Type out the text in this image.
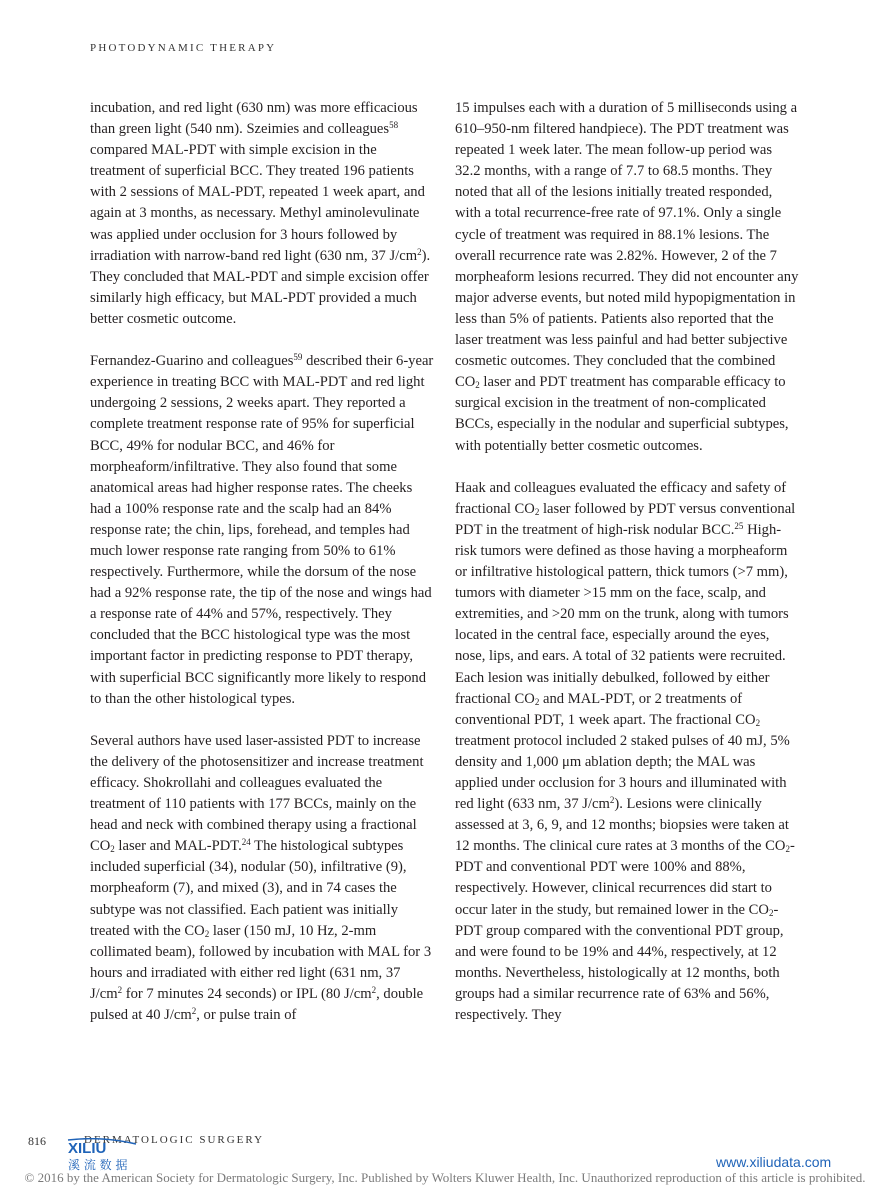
PHOTODYNAMIC THERAPY

incubation, and red light (630 nm) was more efficacious than green light (540 nm). Szeimies and colleagues$^{58}$ compared MAL-PDT with simple excision in the treatment of superficial BCC. They treated 196 patients with 2 sessions of MAL-PDT, repeated 1 week apart, and again at 3 months, as necessary. Methyl aminolevulinate was applied under occlusion for 3 hours followed by irradiation with narrow-band red light (630 nm, 37 $J/cm^2$). They concluded that MAL-PDT and simple excision offer similarly high efficacy, but MAL-PDT provided a much better cosmetic outcome.

Fernandez-Guarino and colleagues$^{59}$ described their 6-year experience in treating BCC with MAL-PDT and red light undergoing 2 sessions, 2 weeks apart. They reported a complete treatment response rate of 95% for superficial BCC, 49% for nodular BCC, and 46% for morpheaform/infiltrative. They also found that some anatomical areas had higher response rates. The cheeks had a 100% response rate and the scalp had an 84% response rate; the chin, lips, forehead, and temples had much lower response rate ranging from 50% to 61% respectively. Furthermore, while the dorsum of the nose had a 92% response rate, the tip of the nose and wings had a response rate of 44% and 57%, respectively. They concluded that the BCC histological type was the most important factor in predicting response to PDT therapy, with superficial BCC significantly more likely to respond to than the other histological types.

Several authors have used laser-assisted PDT to increase the delivery of the photosensitizer and increase treatment efficacy. Shokrollahi and colleagues evaluated the treatment of 110 patients with 177 BCCs, mainly on the head and neck with combined therapy using a fractional $CO_2$ laser and MAL-PDT.$^{24}$ The histological subtypes included superficial (34), nodular (50), infiltrative (9), morpheaform (7), and mixed (3), and in 74 cases the subtype was not classified. Each patient was initially treated with the $CO_2$ laser (150 mJ, 10 Hz, 2-mm collimated beam), followed by incubation with MAL for 3 hours and irradiated with either red light (631 nm, 37 $J/cm^2$ for 7 minutes 24 seconds) or IPL (80 $J/cm^2$, double pulsed at 40 $J/cm^2$, or pulse train of

15 impulses each with a duration of 5 milliseconds using a 610–950-nm filtered handpiece). The PDT treatment was repeated 1 week later. The mean follow-up period was 32.2 months, with a range of 7.7 to 68.5 months. They noted that all of the lesions initially treated responded, with a total recurrence-free rate of 97.1%. Only a single cycle of treatment was required in 88.1% lesions. The overall recurrence rate was 2.82%. However, 2 of the 7 morpheaform lesions recurred. They did not encounter any major adverse events, but noted mild hypopigmentation in less than 5% of patients. Patients also reported that the laser treatment was less painful and had better subjective cosmetic outcomes. They concluded that the combined $CO_2$ laser and PDT treatment has comparable efficacy to surgical excision in the treatment of non-complicated BCCs, especially in the nodular and superficial subtypes, with potentially better cosmetic outcomes.

Haak and colleagues evaluated the efficacy and safety of fractional $CO_2$ laser followed by PDT versus conventional PDT in the treatment of high-risk nodular BCC.$^{25}$ High-risk tumors were defined as those having a morpheaform or infiltrative histological pattern, thick tumors (>7 mm), tumors with diameter >15 mm on the face, scalp, and extremities, and >20 mm on the trunk, along with tumors located in the central face, especially around the eyes, nose, lips, and ears. A total of 32 patients were recruited. Each lesion was initially debulked, followed by either fractional $CO_2$ and MAL-PDT, or 2 treatments of conventional PDT, 1 week apart. The fractional $CO_2$ treatment protocol included 2 staked pulses of 40 mJ, 5% density and 1,000 μm ablation depth; the MAL was applied under occlusion for 3 hours and illuminated with red light (633 nm, 37 $J/cm^2$). Lesions were clinically assessed at 3, 6, 9, and 12 months; biopsies were taken at 12 months. The clinical cure rates at 3 months of the $CO_2$-PDT and conventional PDT were 100% and 88%, respectively. However, clinical recurrences did start to occur later in the study, but remained lower in the $CO_2$-PDT group compared with the conventional PDT group, and were found to be 19% and 44%, respectively, at 12 months. Nevertheless, histologically at 12 months, both groups had a similar recurrence rate of 63% and 56%, respectively. They

816	DERMATOLOGIC SURGERY
XILIU
溪 流 数 据	www.xiliudata.com
© 2016 by the American Society for Dermatologic Surgery, Inc. Published by Wolters Kluwer Health, Inc. Unauthorized reproduction of this article is prohibited.
